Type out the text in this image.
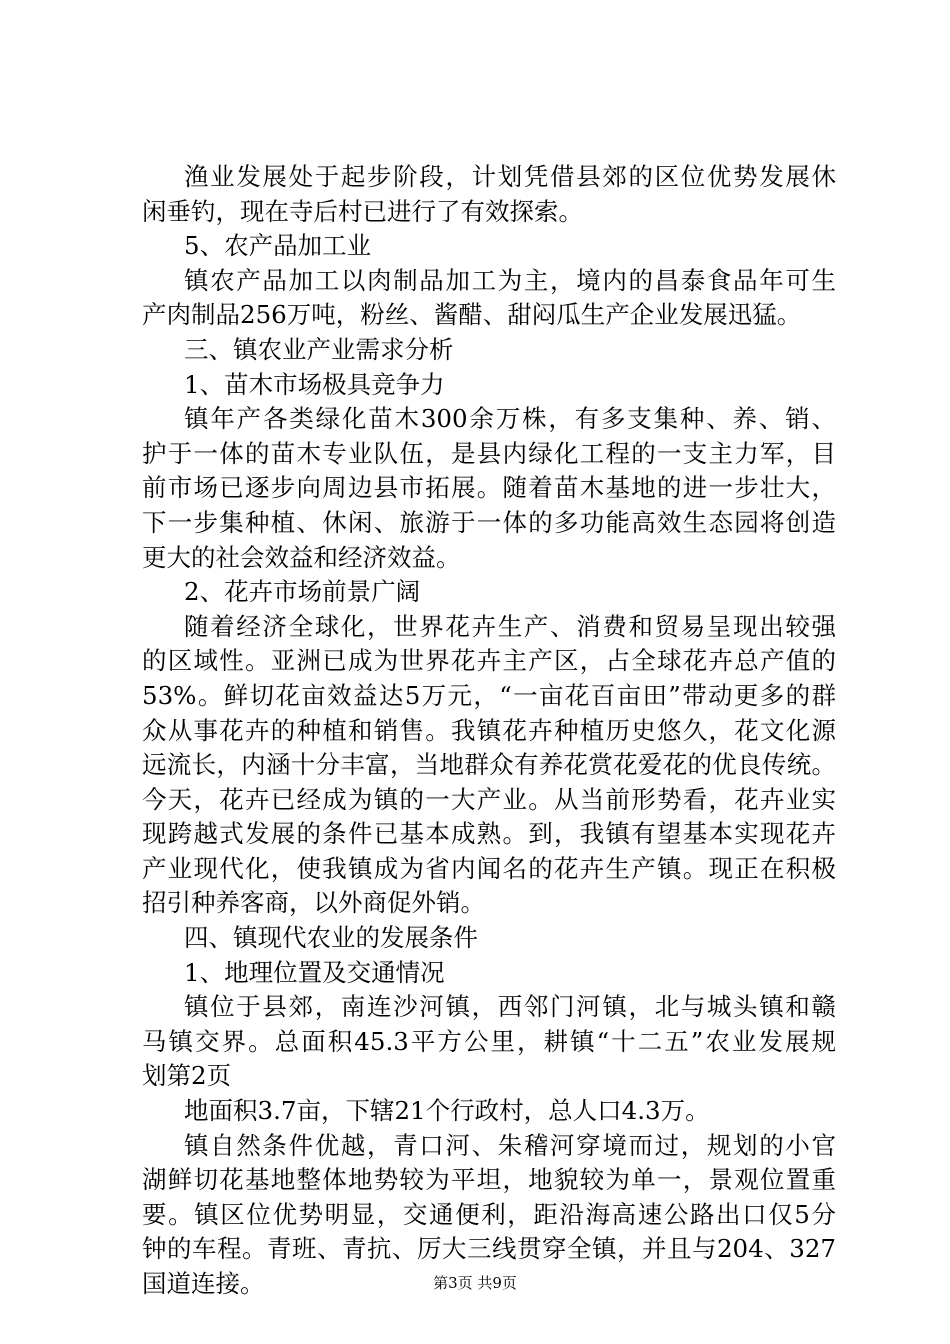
渔业发展处于起步阶段，计划凭借县郊的区位优势发展休
闲垂钓，现在寺后村已进行了有效探索。
5、农产品加工业
镇农产品加工以肉制品加工为主，境内的昌泰食品年可生
产肉制品256万吨，粉丝、酱醋、甜闷瓜生产企业发展迅猛。
三、镇农业产业需求分析
1、苗木市场极具竞争力
镇年产各类绿化苗木300余万株，有多支集种、养、销、
护于一体的苗木专业队伍，是县内绿化工程的一支主力军，目
前市场已逐步向周边县市拓展。随着苗木基地的进一步壮大，
下一步集种植、休闲、旅游于一体的多功能高效生态园将创造
更大的社会效益和经济效益。
2、花卉市场前景广阔
随着经济全球化，世界花卉生产、消费和贸易呈现出较强
的区域性。亚洲已成为世界花卉主产区，占全球花卉总产值的
53%。鲜切花亩效益达5万元，“一亩花百亩田”带动更多的群
众从事花卉的种植和销售。我镇花卉种植历史悠久，花文化源
远流长，内涵十分丰富，当地群众有养花赏花爱花的优良传统。
今天，花卉已经成为镇的一大产业。从当前形势看，花卉业实
现跨越式发展的条件已基本成熟。到，我镇有望基本实现花卉
产业现代化，使我镇成为省内闻名的花卉生产镇。现正在积极
招引种养客商，以外商促外销。
四、镇现代农业的发展条件
1、地理位置及交通情况
镇位于县郊，南连沙河镇，西邻门河镇，北与城头镇和赣
马镇交界。总面积45.3平方公里，耕镇“十二五”农业发展规
划第2页
地面积3.7亩，下辖21个行政村，总人口4.3万。
镇自然条件优越，青口河、朱稽河穿境而过，规划的小官
湖鲜切花基地整体地势较为平坦，地貌较为单一，景观位置重
要。镇区位优势明显，交通便利，距沿海高速公路出口仅5分
钟的车程。青班、青抗、厉大三线贯穿全镇，并且与204、327
国道连接。	第3页 共9页
